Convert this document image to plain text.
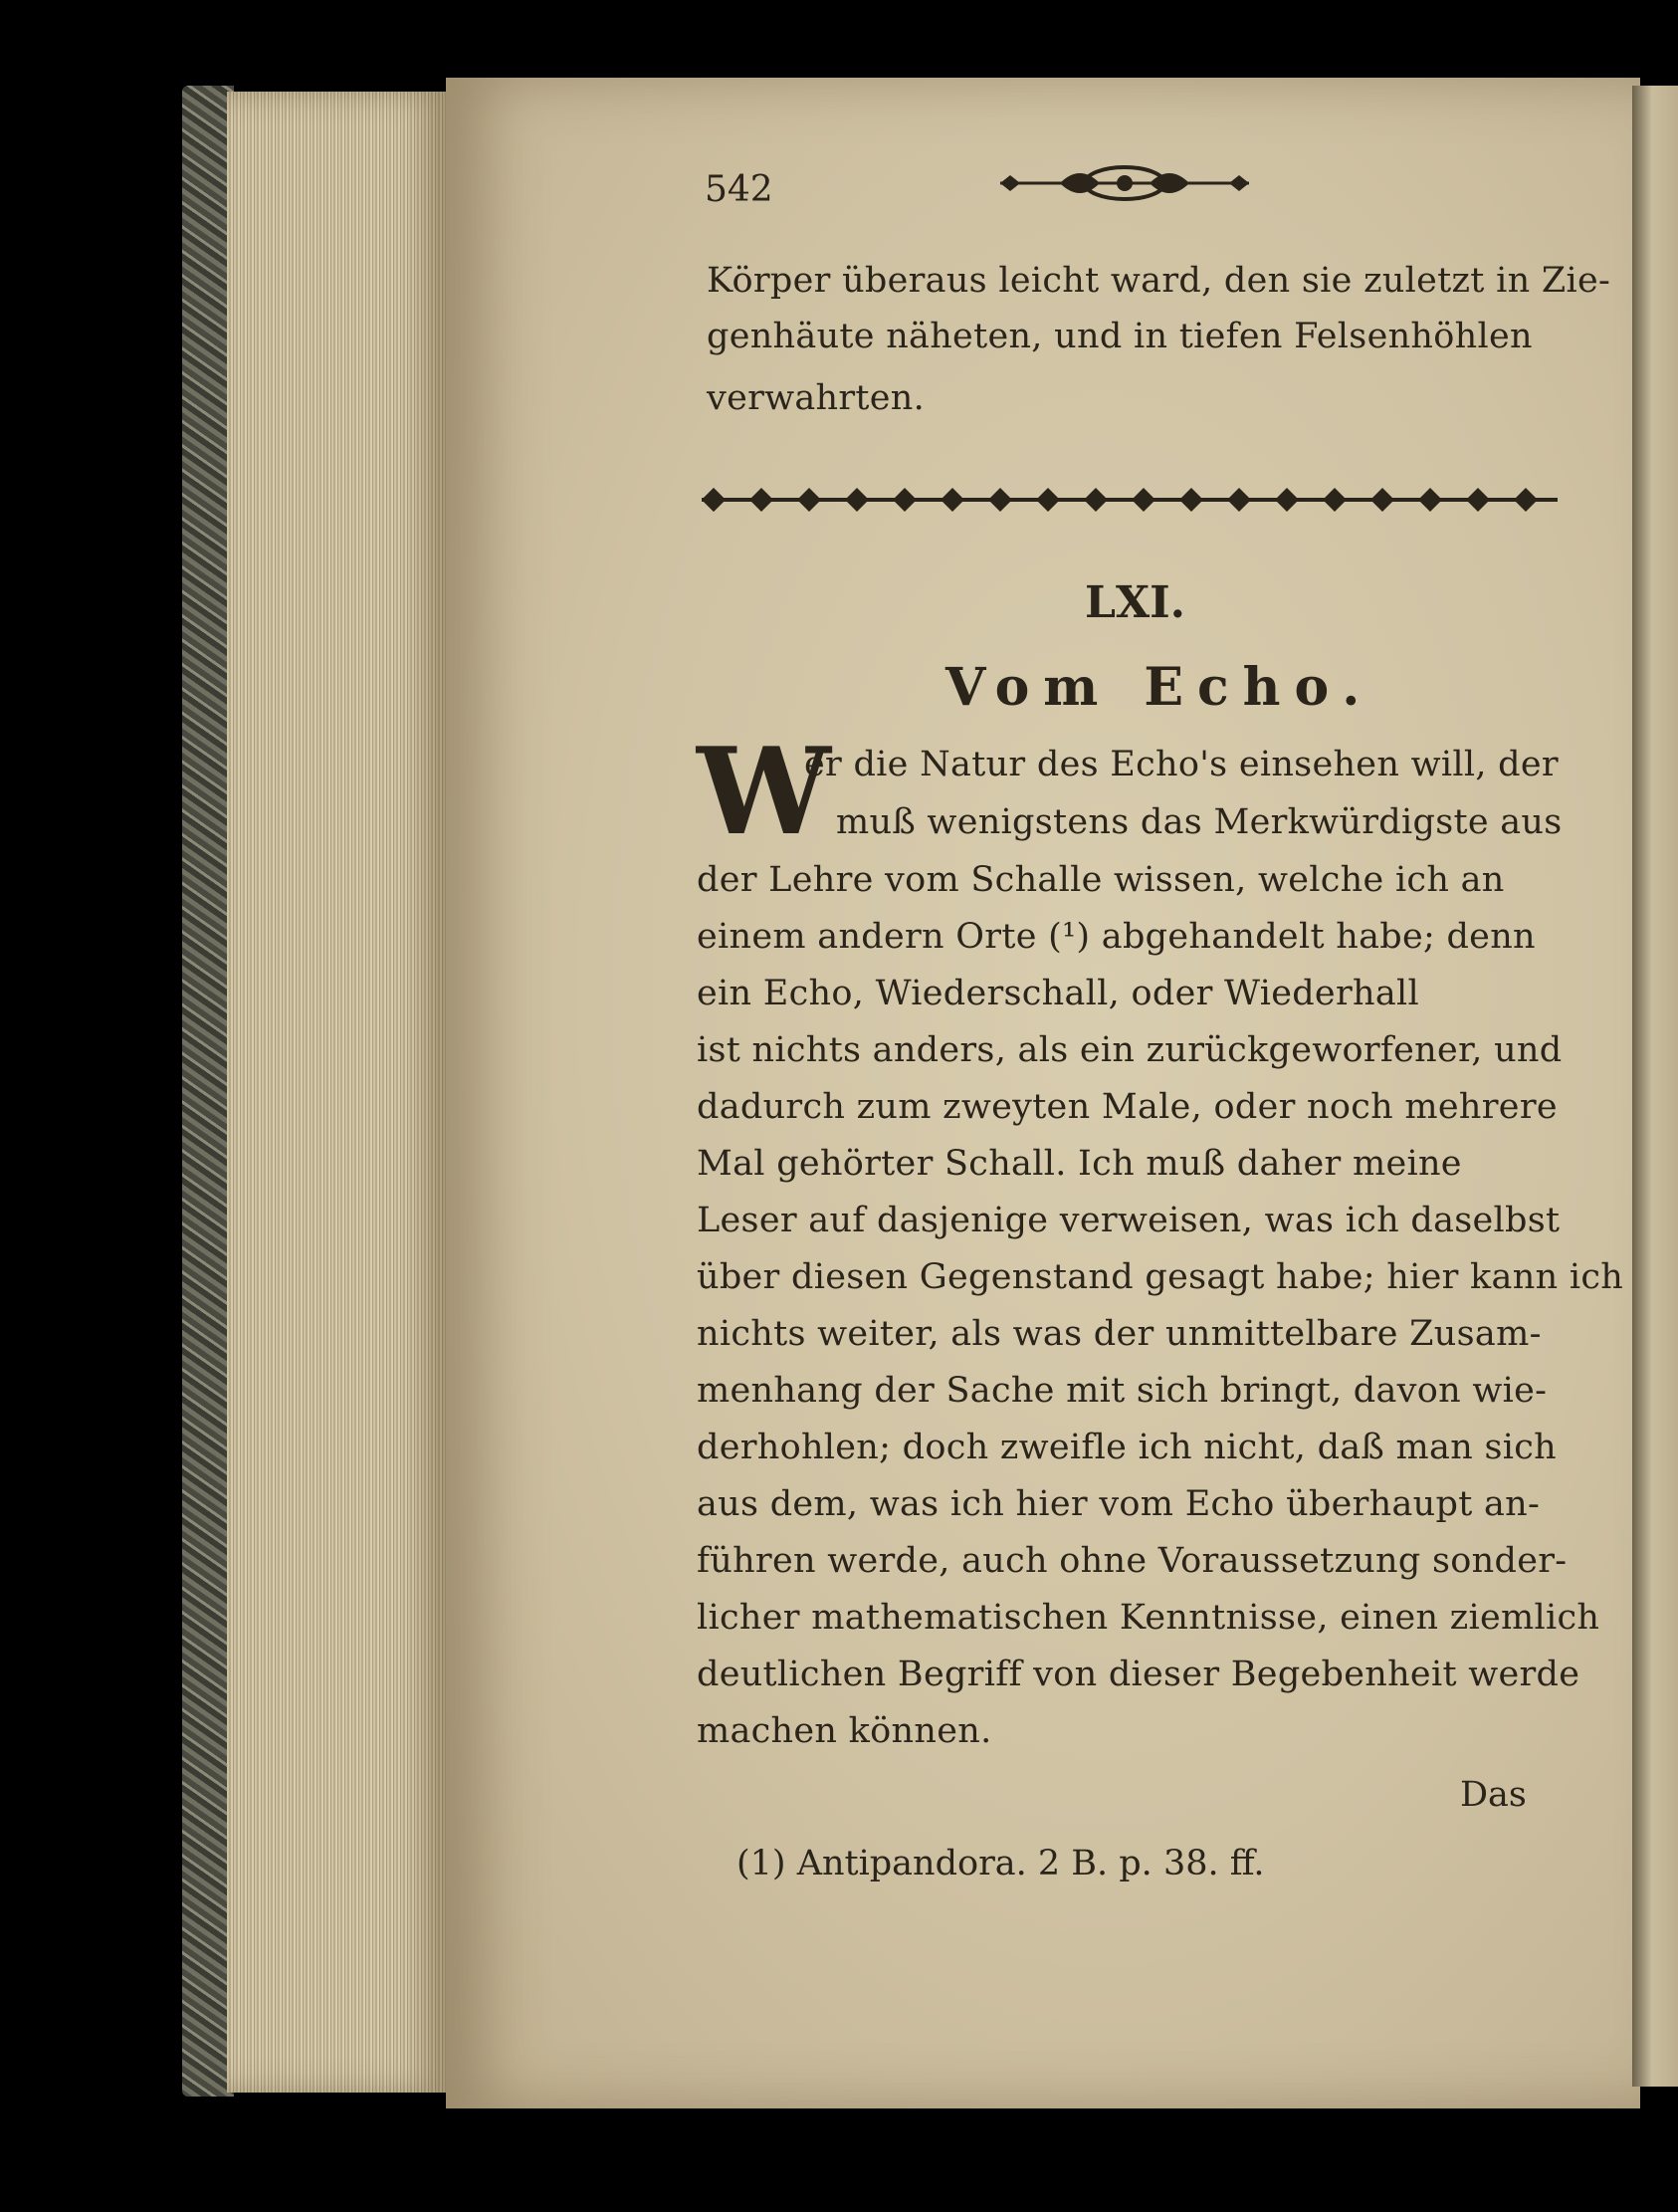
542
Körper überaus leicht ward, den sie zuletzt in Zie-
genhäute näheten, und in tiefen Felsenhöhlen
verwahrten.
LXI.
Vom Echo.
W
er die Natur des Echo's einsehen will, der
muß wenigstens das Merkwürdigste aus
der Lehre vom Schalle wissen, welche ich an
einem andern Orte (¹) abgehandelt habe; denn
ein Echo, Wiederschall, oder Wiederhall
ist nichts anders, als ein zurückgeworfener, und
dadurch zum zweyten Male, oder noch mehrere
Mal gehörter Schall. Ich muß daher meine
Leser auf dasjenige verweisen, was ich daselbst
über diesen Gegenstand gesagt habe; hier kann ich
nichts weiter, als was der unmittelbare Zusam-
menhang der Sache mit sich bringt, davon wie-
derhohlen; doch zweifle ich nicht, daß man sich
aus dem, was ich hier vom Echo überhaupt an-
führen werde, auch ohne Voraussetzung sonder-
licher mathematischen Kenntnisse, einen ziemlich
deutlichen Begriff von dieser Begebenheit werde
machen können.
Das
(1) Antipandora. 2 B. p. 38. ff.
